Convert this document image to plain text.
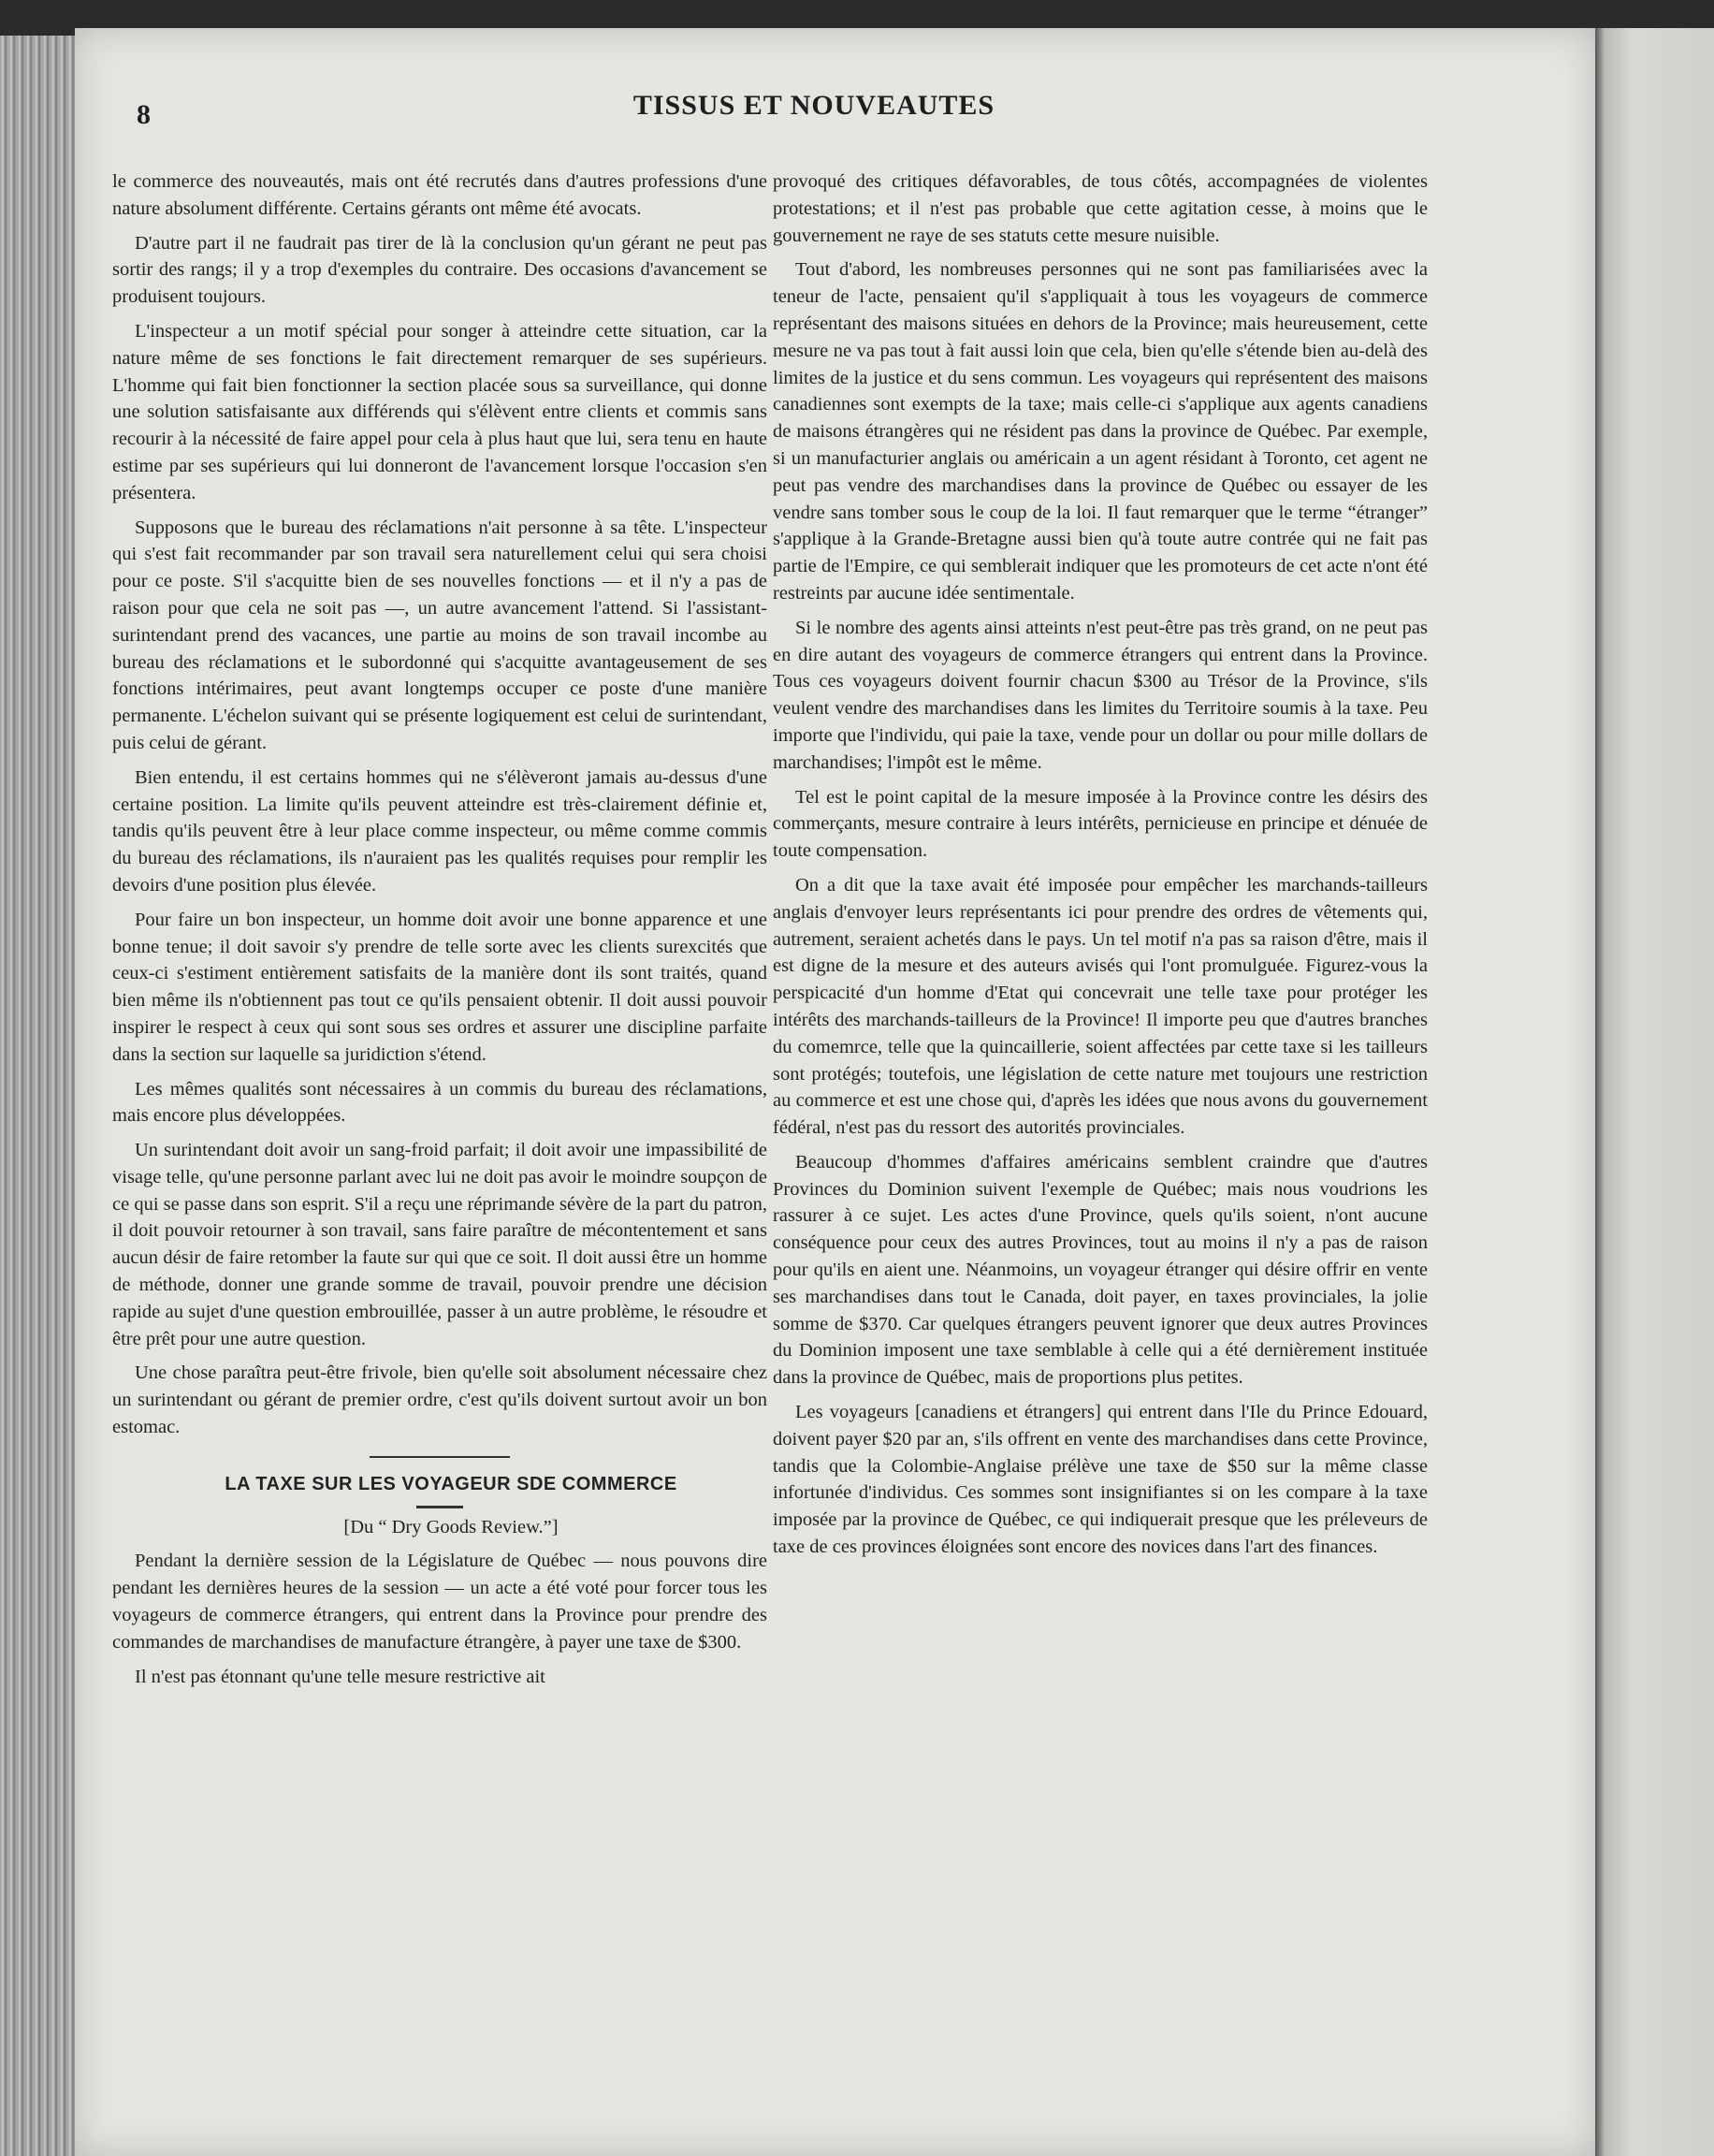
8	TISSUS ET NOUVEAUTES

le commerce des nouveautés, mais ont été recrutés dans d'autres professions d'une nature absolument différente. Certains gérants ont même été avocats.

D'autre part il ne faudrait pas tirer de là la conclusion qu'un gérant ne peut pas sortir des rangs; il y a trop d'exemples du contraire. Des occasions d'avancement se produisent toujours.

L'inspecteur a un motif spécial pour songer à atteindre cette situation, car la nature même de ses fonctions le fait directement remarquer de ses supérieurs. L'homme qui fait bien fonctionner la section placée sous sa surveillance, qui donne une solution satisfaisante aux différends qui s'élèvent entre clients et commis sans recourir à la nécessité de faire appel pour cela à plus haut que lui, sera tenu en haute estime par ses supérieurs qui lui donneront de l'avancement lorsque l'occasion s'en présentera.

Supposons que le bureau des réclamations n'ait personne à sa tête. L'inspecteur qui s'est fait recommander par son travail sera naturellement celui qui sera choisi pour ce poste. S'il s'acquitte bien de ses nouvelles fonctions — et il n'y a pas de raison pour que cela ne soit pas —, un autre avancement l'attend. Si l'assistant-surintendant prend des vacances, une partie au moins de son travail incombe au bureau des réclamations et le subordonné qui s'acquitte avantageusement de ses fonctions intérimaires, peut avant longtemps occuper ce poste d'une manière permanente. L'échelon suivant qui se présente logiquement est celui de surintendant, puis celui de gérant.

Bien entendu, il est certains hommes qui ne s'élèveront jamais au-dessus d'une certaine position. La limite qu'ils peuvent atteindre est très-clairement définie et, tandis qu'ils peuvent être à leur place comme inspecteur, ou même comme commis du bureau des réclamations, ils n'auraient pas les qualités requises pour remplir les devoirs d'une position plus élevée.

Pour faire un bon inspecteur, un homme doit avoir une bonne apparence et une bonne tenue; il doit savoir s'y prendre de telle sorte avec les clients surexcités que ceux-ci s'estiment entièrement satisfaits de la manière dont ils sont traités, quand bien même ils n'obtiennent pas tout ce qu'ils pensaient obtenir. Il doit aussi pouvoir inspirer le respect à ceux qui sont sous ses ordres et assurer une discipline parfaite dans la section sur laquelle sa juridiction s'étend.

Les mêmes qualités sont nécessaires à un commis du bureau des réclamations, mais encore plus développées.

Un surintendant doit avoir un sang-froid parfait; il doit avoir une impassibilité de visage telle, qu'une personne parlant avec lui ne doit pas avoir le moindre soupçon de ce qui se passe dans son esprit. S'il a reçu une réprimande sévère de la part du patron, il doit pouvoir retourner à son travail, sans faire paraître de mécontentement et sans aucun désir de faire retomber la faute sur qui que ce soit. Il doit aussi être un homme de méthode, donner une grande somme de travail, pouvoir prendre une décision rapide au sujet d'une question embrouillée, passer à un autre problème, le résoudre et être prêt pour une autre question.

Une chose paraîtra peut-être frivole, bien qu'elle soit absolument nécessaire chez un surintendant ou gérant de premier ordre, c'est qu'ils doivent surtout avoir un bon estomac.

LA TAXE SUR LES VOYAGEUR SDE COMMERCE

[Du “ Dry Goods Review.”]

Pendant la dernière session de la Législature de Québec — nous pouvons dire pendant les dernières heures de la session — un acte a été voté pour forcer tous les voyageurs de commerce étrangers, qui entrent dans la Province pour prendre des commandes de marchandises de manufacture étrangère, à payer une taxe de $300.

Il n'est pas étonnant qu'une telle mesure restrictive ait

provoqué des critiques défavorables, de tous côtés, accompagnées de violentes protestations; et il n'est pas probable que cette agitation cesse, à moins que le gouvernement ne raye de ses statuts cette mesure nuisible.

Tout d'abord, les nombreuses personnes qui ne sont pas familiarisées avec la teneur de l'acte, pensaient qu'il s'appliquait à tous les voyageurs de commerce représentant des maisons situées en dehors de la Province; mais heureusement, cette mesure ne va pas tout à fait aussi loin que cela, bien qu'elle s'étende bien au-delà des limites de la justice et du sens commun. Les voyageurs qui représentent des maisons canadiennes sont exempts de la taxe; mais celle-ci s'applique aux agents canadiens de maisons étrangères qui ne résident pas dans la province de Québec. Par exemple, si un manufacturier anglais ou américain a un agent résidant à Toronto, cet agent ne peut pas vendre des marchandises dans la province de Québec ou essayer de les vendre sans tomber sous le coup de la loi. Il faut remarquer que le terme “étranger” s'applique à la Grande-Bretagne aussi bien qu'à toute autre contrée qui ne fait pas partie de l'Empire, ce qui semblerait indiquer que les promoteurs de cet acte n'ont été restreints par aucune idée sentimentale.

Si le nombre des agents ainsi atteints n'est peut-être pas très grand, on ne peut pas en dire autant des voyageurs de commerce étrangers qui entrent dans la Province. Tous ces voyageurs doivent fournir chacun $300 au Trésor de la Province, s'ils veulent vendre des marchandises dans les limites du Territoire soumis à la taxe. Peu importe que l'individu, qui paie la taxe, vende pour un dollar ou pour mille dollars de marchandises; l'impôt est le même.

Tel est le point capital de la mesure imposée à la Province contre les désirs des commerçants, mesure contraire à leurs intérêts, pernicieuse en principe et dénuée de toute compensation.

On a dit que la taxe avait été imposée pour empêcher les marchands-tailleurs anglais d'envoyer leurs représentants ici pour prendre des ordres de vêtements qui, autrement, seraient achetés dans le pays. Un tel motif n'a pas sa raison d'être, mais il est digne de la mesure et des auteurs avisés qui l'ont promulguée. Figurez-vous la perspicacité d'un homme d'Etat qui concevrait une telle taxe pour protéger les intérêts des marchands-tailleurs de la Province! Il importe peu que d'autres branches du comemrce, telle que la quincaillerie, soient affectées par cette taxe si les tailleurs sont protégés; toutefois, une législation de cette nature met toujours une restriction au commerce et est une chose qui, d'après les idées que nous avons du gouvernement fédéral, n'est pas du ressort des autorités provinciales.

Beaucoup d'hommes d'affaires américains semblent craindre que d'autres Provinces du Dominion suivent l'exemple de Québec; mais nous voudrions les rassurer à ce sujet. Les actes d'une Province, quels qu'ils soient, n'ont aucune conséquence pour ceux des autres Provinces, tout au moins il n'y a pas de raison pour qu'ils en aient une. Néanmoins, un voyageur étranger qui désire offrir en vente ses marchandises dans tout le Canada, doit payer, en taxes provinciales, la jolie somme de $370. Car quelques étrangers peuvent ignorer que deux autres Provinces du Dominion imposent une taxe semblable à celle qui a été dernièrement instituée dans la province de Québec, mais de proportions plus petites.

Les voyageurs [canadiens et étrangers] qui entrent dans l'Ile du Prince Edouard, doivent payer $20 par an, s'ils offrent en vente des marchandises dans cette Province, tandis que la Colombie-Anglaise prélève une taxe de $50 sur la même classe infortunée d'individus. Ces sommes sont insignifiantes si on les compare à la taxe imposée par la province de Québec, ce qui indiquerait presque que les préleveurs de taxe de ces provinces éloignées sont encore des novices dans l'art des finances.
